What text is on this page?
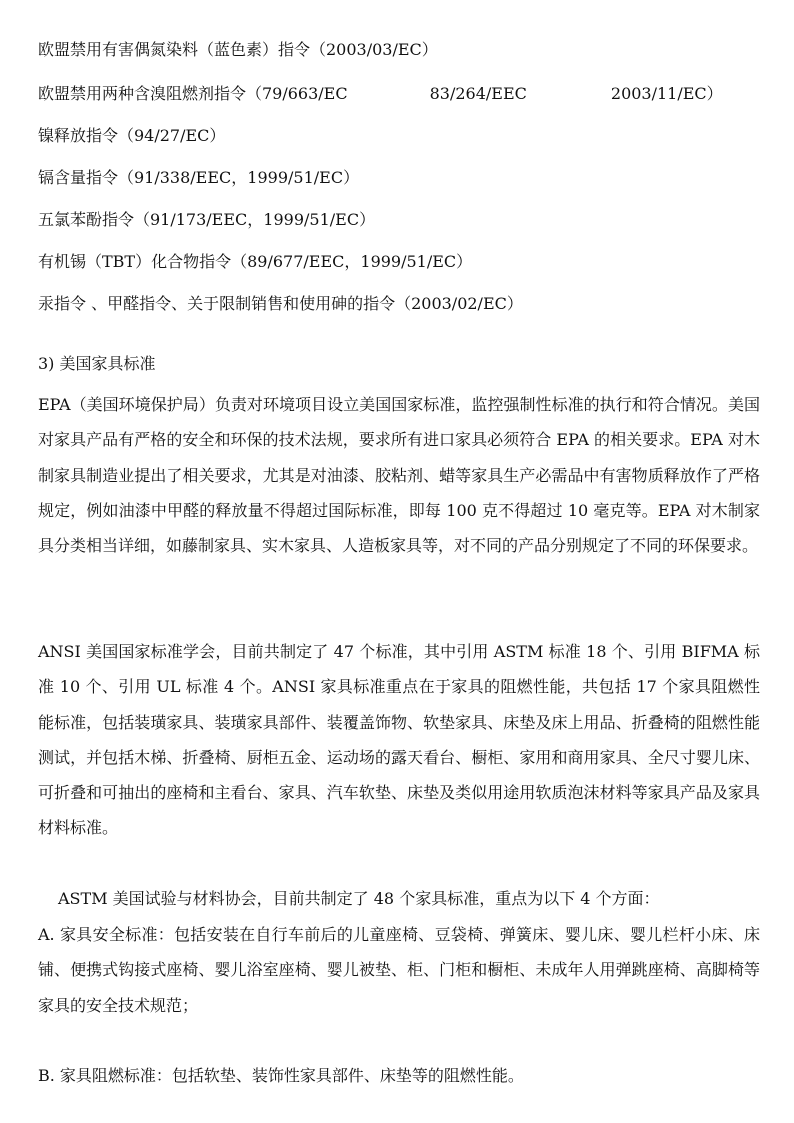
欧盟禁用有害偶氮染料（蓝色素）指令（2003/03/EC）
欧盟禁用两种含溴阻燃剂指令（79/663/EC	83/264/EEC	2003/11/EC）
镍释放指令（94/27/EC）
镉含量指令（91/338/EEC，1999/51/EC）
五氯苯酚指令（91/173/EEC，1999/51/EC）
有机锡（TBT）化合物指令（89/677/EEC，1999/51/EC）
汞指令 、甲醛指令、关于限制销售和使用砷的指令（2003/02/EC）
3) 美国家具标准
EPA（美国环境保护局）负责对环境项目设立美国国家标准，监控强制性标准的执行和符合情况。美国对家具产品有严格的安全和环保的技术法规，要求所有进口家具必须符合 EPA 的相关要求。EPA 对木制家具制造业提出了相关要求，尤其是对油漆、胶粘剂、蜡等家具生产必需品中有害物质释放作了严格规定，例如油漆中甲醛的释放量不得超过国际标准，即每 100 克不得超过 10 毫克等。EPA 对木制家具分类相当详细，如藤制家具、实木家具、人造板家具等，对不同的产品分别规定了不同的环保要求。
ANSI 美国国家标准学会，目前共制定了 47 个标准，其中引用 ASTM 标准 18 个、引用 BIFMA 标准 10 个、引用 UL 标准 4 个。ANSI 家具标准重点在于家具的阻燃性能，共包括 17 个家具阻燃性能标准，包括装璜家具、装璜家具部件、装覆盖饰物、软垫家具、床垫及床上用品、折叠椅的阻燃性能测试，并包括木梯、折叠椅、厨柜五金、运动场的露天看台、橱柜、家用和商用家具、全尺寸婴儿床、可折叠和可抽出的座椅和主看台、家具、汽车软垫、床垫及类似用途用软质泡沫材料等家具产品及家具材料标准。
ASTM 美国试验与材料协会，目前共制定了 48 个家具标准，重点为以下 4 个方面：
A. 家具安全标准：包括安装在自行车前后的儿童座椅、豆袋椅、弹簧床、婴儿床、婴儿栏杆小床、床铺、便携式钩接式座椅、婴儿浴室座椅、婴儿被垫、柜、门柜和橱柜、未成年人用弹跳座椅、高脚椅等家具的安全技术规范；
B. 家具阻燃标准：包括软垫、装饰性家具部件、床垫等的阻燃性能。
